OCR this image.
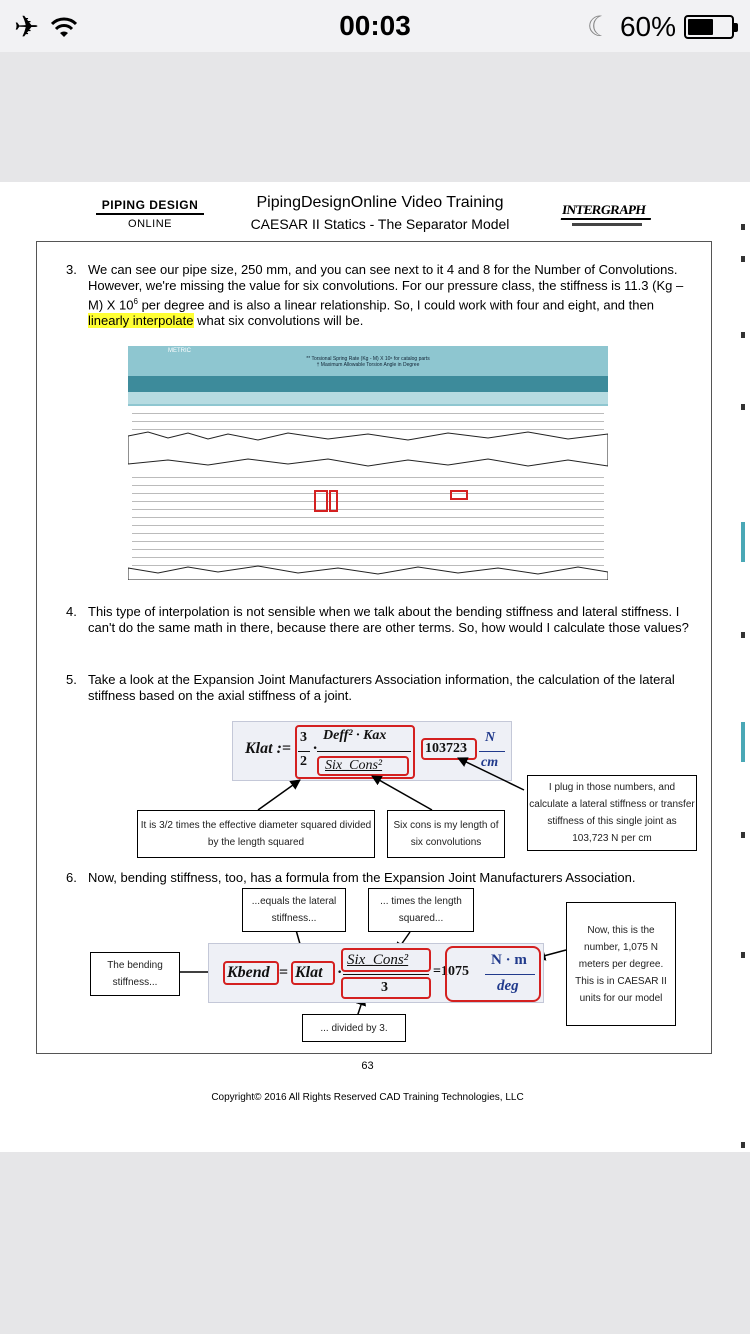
✈	00:03	☾ 60%
PIPING DESIGN
ONLINE
PipingDesignOnline Video Training
CAESAR II Statics - The Separator Model
INTERGRAPH
3. We can see our pipe size, 250 mm, and you can see next to it 4 and 8 for the Number of Convolutions. However, we're missing the value for six convolutions. For our pressure class, the stiffness is 11.3 (Kg – M) X $10^6$ per degree and is also a linear relationship. So, I could work with four and eight, and then linearly interpolate what six convolutions will be.
METRIC
** Torsional Spring Rate (Kg - M) X 10⁶ for catalog parts
† Maximum Allowable Torsion Angle in Degree
4. This type of interpolation is not sensible when we talk about the bending stiffness and lateral stiffness. I can't do the same math in there, because there are other terms. So, how would I calculate those values?
5. Take a look at the Expansion Joint Manufacturers Association information, the calculation of the lateral stiffness based on the axial stiffness of a joint.
Klat :=
3
2
·
Deff² · Kax
Six_Cons²
103723
N
cm
It is 3/2 times the effective diameter squared divided by the length squared
Six cons is my length of six convolutions
I plug in those numbers, and calculate a lateral stiffness or transfer stiffness of this single joint as 103,723 N per cm
6. Now, bending stiffness, too, has a formula from the Expansion Joint Manufacturers Association.
...equals the lateral stiffness...
... times the length squared...
The bending stiffness...
... divided by 3.
Now, this is the number, 1,075 N meters per degree. This is in CAESAR II units for our model
Kbend = Klat ·
Six_Cons²
3
=1075
N · m
deg
63
Copyright© 2016 All Rights Reserved CAD Training Technologies, LLC
